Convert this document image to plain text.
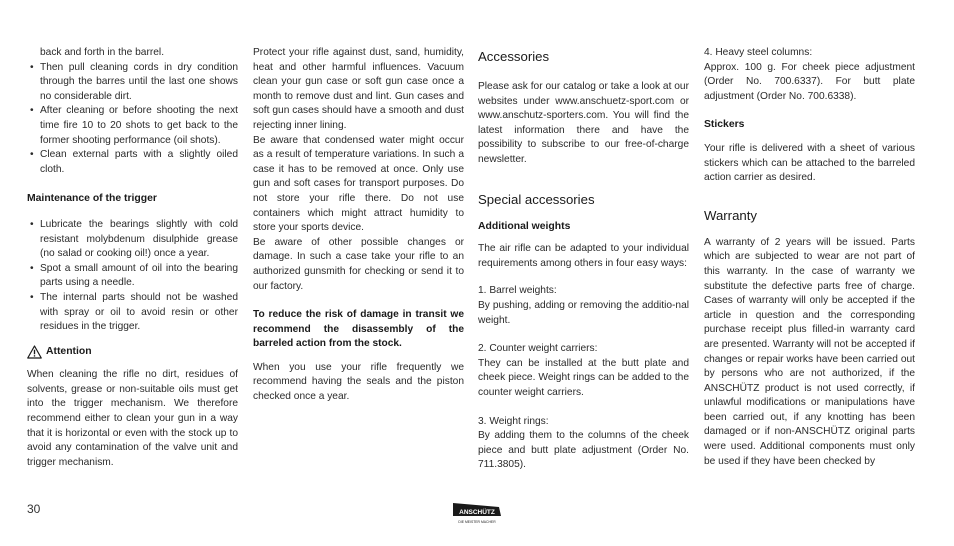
back and forth in the barrel.

• Then pull cleaning cords in dry condition through the barres until the last one shows no considerable dirt.
• After cleaning or before shooting the next time fire 10 to 20 shots to get back to the former shooting performance (oil shots).
• Clean external parts with a slightly oiled cloth.

Maintenance of the trigger

• Lubricate the bearings slightly with cold resistant molybdenum disulphide grease (no salad or cooking oil!) once a year.
• Spot a small amount of oil into the bearing parts using a needle.
• The internal parts should not be washed with spray or oil to avoid resin or other residues in the trigger.
Attention

When cleaning the rifle no dirt, residues of solvents, grease or non-suitable oils must get into the trigger mechanism. We therefore recommend either to clean your gun in a way that it is horizontal or even with the stock up to avoid any contamination of the valve unit and trigger mechanism.

Protect your rifle against dust, sand, humidity, heat and other harmful influences. Vacuum clean your gun case or soft gun case once a month to remove dust and lint. Gun cases and soft gun cases should have a smooth and dust rejecting inner lining.

Be aware that condensed water might occur as a result of temperature variations. In such a case it has to be removed at once. Only use gun and soft cases for transport purposes. Do not store your rifle there. Do not use containers which might attract humidity to store your sports device.

Be aware of other possible changes or damage. In such a case take your rifle to an authorized gunsmith for checking or send it to our factory.

To reduce the risk of damage in transit we recommend the disassembly of the barreled action from the stock.

When you use your rifle frequently we recommend having the seals and the piston checked once a year.

Accessories

Please ask for our catalog or take a look at our websites under www.anschuetz-sport.com or www.anschutz-sporters.com. You will find the latest information there and have the possibility to subscribe to our free-of-charge newsletter.

Special accessories

Additional weights

The air rifle can be adapted to your individual requirements among others in four easy ways:

1. Barrel weights:

By pushing, adding or removing the additio-nal weight.

2. Counter weight carriers:

They can be installed at the butt plate and cheek piece. Weight rings can be added to the counter weight carriers.

3. Weight rings:

By adding them to the columns of the cheek piece and butt plate adjustment (Order No. 711.3805).

4. Heavy steel columns:

Approx. 100 g. For cheek piece adjustment (Order No. 700.6337). For butt plate adjustment (Order No. 700.6338).

Stickers

Your rifle is delivered with a sheet of various stickers which can be attached to the barreled action carrier as desired.

Warranty

A warranty of 2 years will be issued. Parts which are subjected to wear are not part of this warranty. In the case of warranty we substitute the defective parts free of charge. Cases of warranty will only be accepted if the article in question and the corresponding purchase receipt plus filled-in warranty card are presented. Warranty will not be accepted if changes or repair works have been carried out by persons who are not authorized, if the ANSCHÜTZ product is not used correctly, if unlawful modifications or manipulations have been carried out, if any knotting has been damaged or if non-ANSCHÜTZ original parts were used. Additional components must only be used if they have been checked by

30	ANSCHÜTZ
DIE MEISTER MACHER
